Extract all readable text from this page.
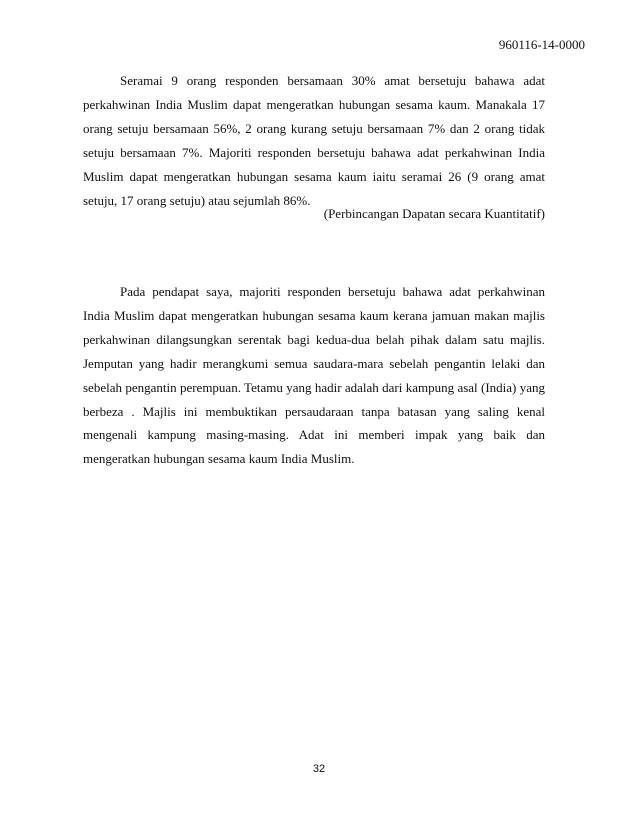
960116-14-0000

Seramai 9 orang responden bersamaan 30% amat bersetuju bahawa adat perkahwinan India Muslim dapat mengeratkan hubungan sesama kaum. Manakala 17 orang setuju bersamaan 56%, 2 orang kurang setuju bersamaan 7% dan 2 orang tidak setuju bersamaan 7%. Majoriti responden bersetuju bahawa adat perkahwinan India Muslim dapat mengeratkan hubungan sesama kaum iaitu seramai 26 (9 orang amat setuju, 17 orang setuju) atau sejumlah 86%.

(Perbincangan Dapatan secara Kuantitatif)

Pada pendapat saya, majoriti responden bersetuju bahawa adat perkahwinan India Muslim dapat mengeratkan hubungan sesama kaum kerana jamuan makan majlis perkahwinan dilangsungkan serentak bagi kedua-dua belah pihak dalam satu majlis. Jemputan yang hadir merangkumi semua saudara-mara sebelah pengantin lelaki dan sebelah pengantin perempuan. Tetamu yang hadir adalah dari kampung asal (India) yang berbeza . Majlis ini membuktikan persaudaraan tanpa batasan yang saling kenal mengenali kampung masing-masing. Adat ini memberi impak yang baik dan mengeratkan hubungan sesama kaum India Muslim.

32
